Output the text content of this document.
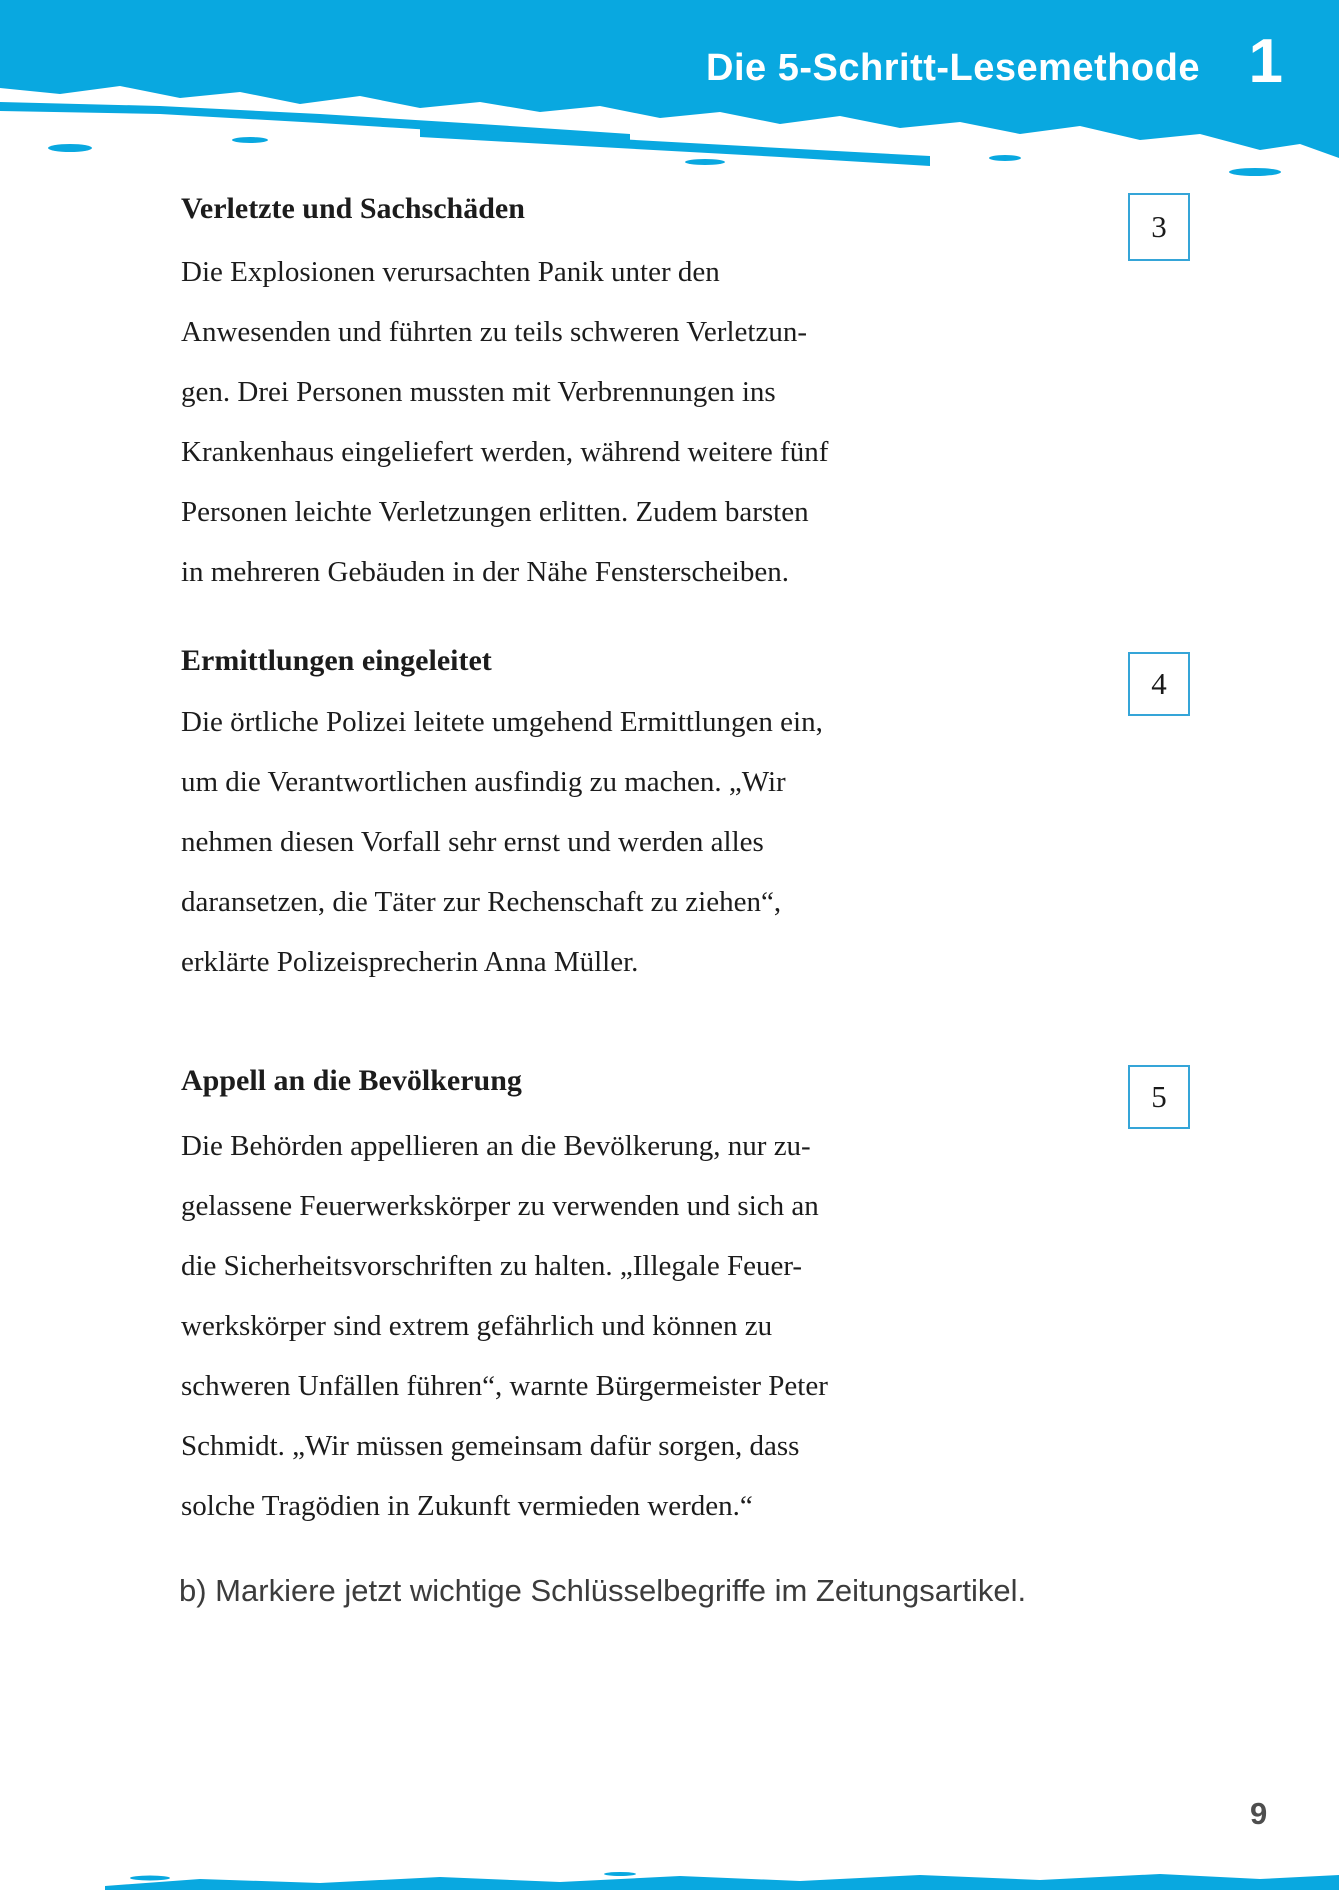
Die 5-Schritt-Lesemethode 1
Verletzte und Sachschäden
3
Die Explosionen verursachten Panik unter den
Anwesenden und führten zu teils schweren Verletzun-
gen. Drei Personen mussten mit Verbrennungen ins
Krankenhaus eingeliefert werden, während weitere fünf
Personen leichte Verletzungen erlitten. Zudem barsten
in mehreren Gebäuden in der Nähe Fensterscheiben.
Ermittlungen eingeleitet
4
Die örtliche Polizei leitete umgehend Ermittlungen ein,
um die Verantwortlichen ausfindig zu machen. „Wir
nehmen diesen Vorfall sehr ernst und werden alles
daransetzen, die Täter zur Rechenschaft zu ziehen“,
erklärte Polizeisprecherin Anna Müller.
Appell an die Bevölkerung	5
Die Behörden appellieren an die Bevölkerung, nur zu-
gelassene Feuerwerkskörper zu verwenden und sich an
die Sicherheitsvorschriften zu halten. „Illegale Feuer-
werkskörper sind extrem gefährlich und können zu
schweren Unfällen führen“, warnte Bürgermeister Peter
Schmidt. „Wir müssen gemeinsam dafür sorgen, dass
solche Tragödien in Zukunft vermieden werden.“
b) Markiere jetzt wichtige Schlüsselbegriffe im Zeitungsartikel.
9
